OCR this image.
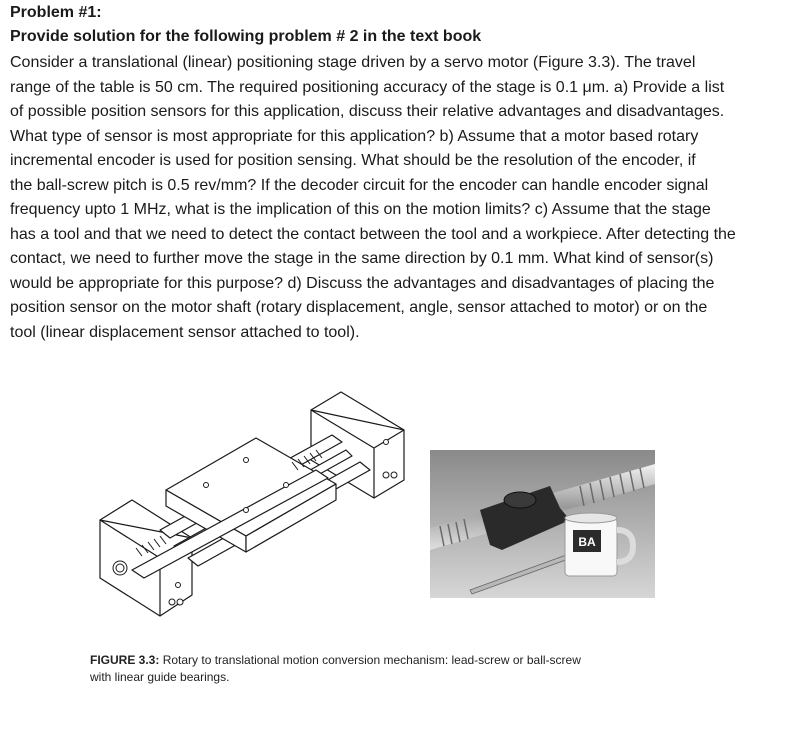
Problem #1:
Provide solution for the following problem # 2 in the text book
Consider a translational (linear) positioning stage driven by a servo motor (Figure 3.3). The travel
range of the table is 50 cm. The required positioning accuracy of the stage is 0.1 μm. a) Provide a list
of possible position sensors for this application, discuss their relative advantages and disadvantages.
What type of sensor is most appropriate for this application? b) Assume that a motor based rotary
incremental encoder is used for position sensing. What should be the resolution of the encoder, if
the ball-screw pitch is 0.5 rev/mm? If the decoder circuit for the encoder can handle encoder signal
frequency upto 1 MHz, what is the implication of this on the motion limits? c) Assume that the stage
has a tool and that we need to detect the contact between the tool and a workpiece. After detecting the
contact, we need to further move the stage in the same direction by 0.1 mm. What kind of sensor(s)
would be appropriate for this purpose? d) Discuss the advantages and disadvantages of placing the
position sensor on the motor shaft (rotary displacement, angle, sensor attached to motor) or on the
tool (linear displacement sensor attached to tool).
BA
FIGURE 3.3: Rotary to translational motion conversion mechanism: lead-screw or ball-screw
with linear guide bearings.
